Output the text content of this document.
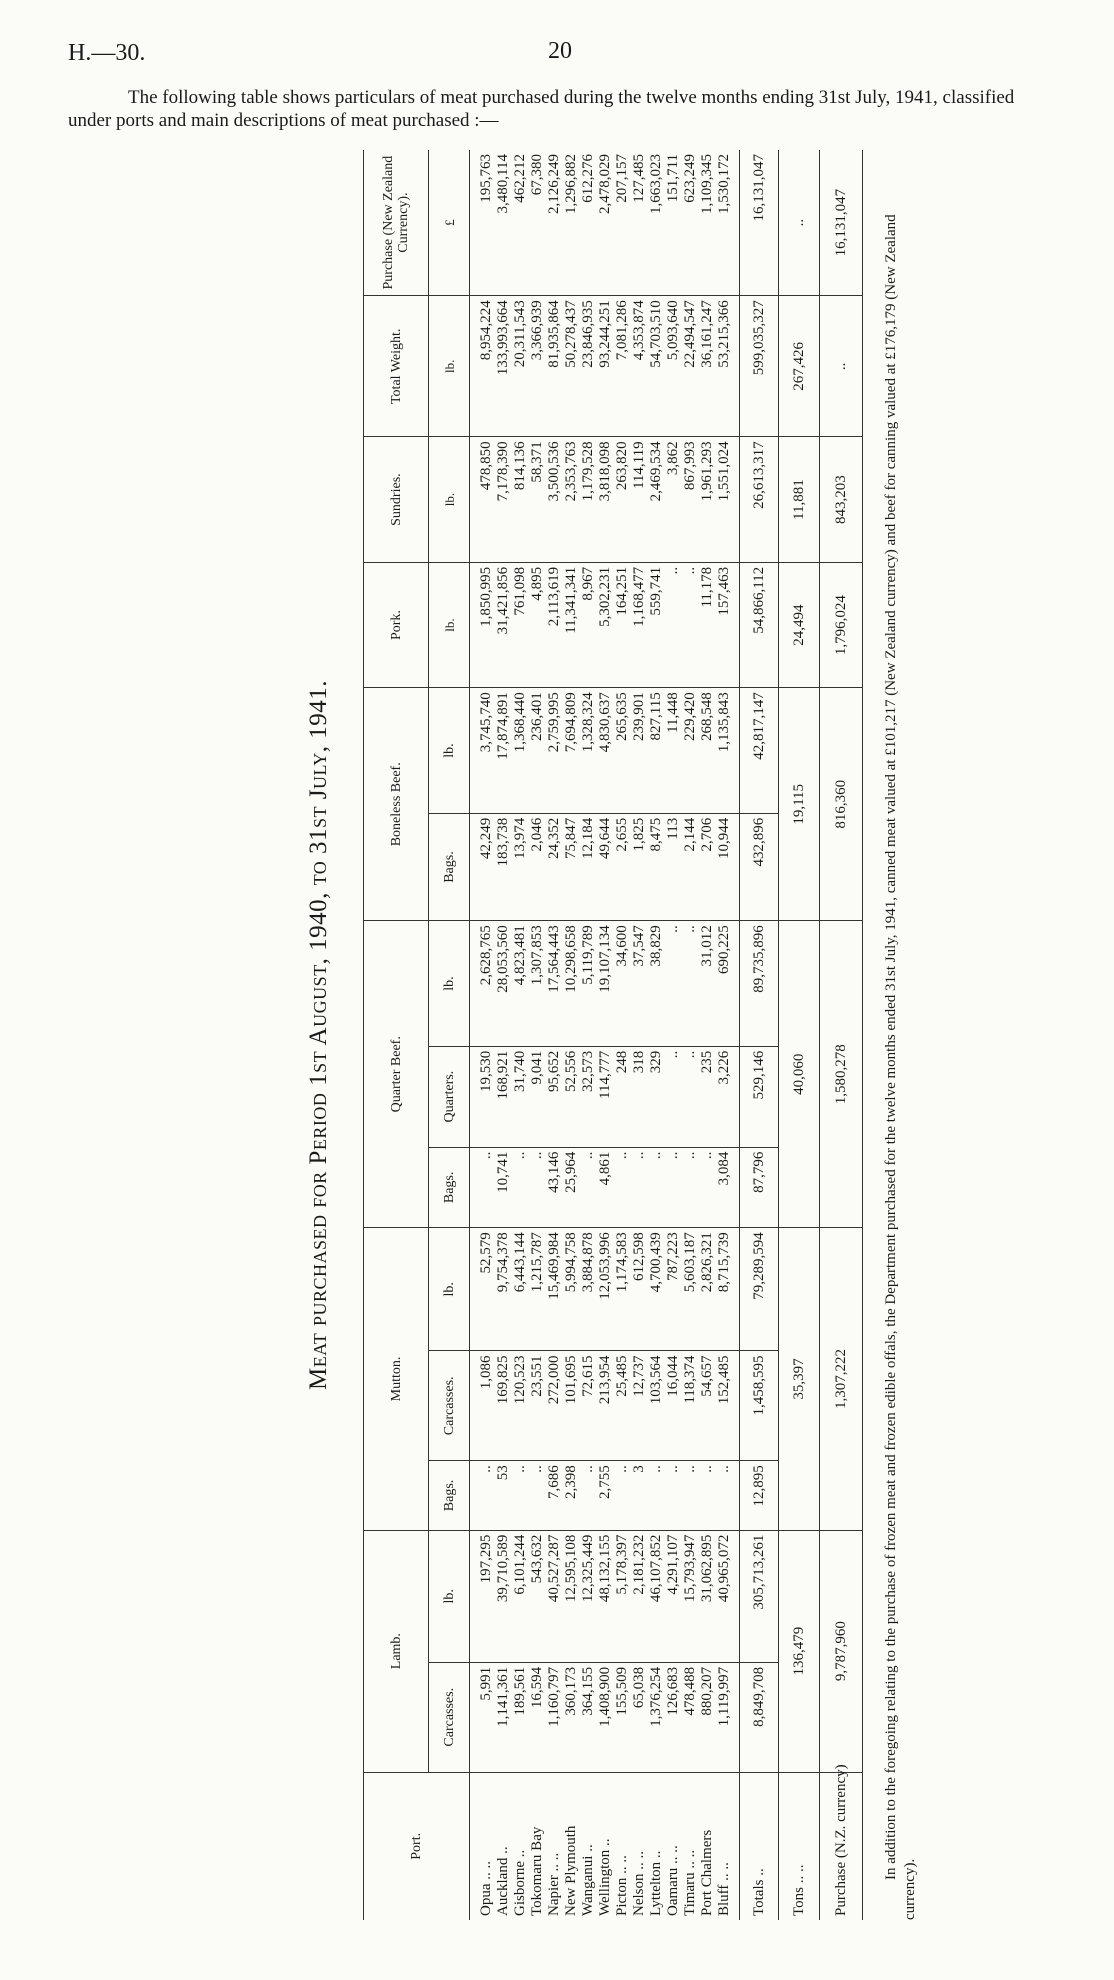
H.—30.	20
The following table shows particulars of meat purchased during the twelve months ending 31st July, 1941, classified under ports and main descriptions of meat purchased :—
Meat purchased for Period 1st August, 1940, to 31st July, 1941.
Port.	Lamb.		Mutton.			Quarter Beef.			Boneless Beef.		Pork.	Sundries.	Total Weight.	Purchase (New Zealand Currency).
	Carcasses.	lb.	Bags.	Carcasses.	lb.	Bags.	Quarters.	lb.	Bags.	lb.				
											lb.	lb.	lb.	£
Opua .. ..	5,991	197,295	..	1,086	52,579	..	19,530	2,628,765	42,249	3,745,740	1,850,995	478,850	8,954,224	195,763
Auckland ..	1,141,361	39,710,589	53	169,825	9,754,378	10,741	168,921	28,053,560	183,738	17,874,891	31,421,856	7,178,390	133,993,664	3,480,114
Gisborne ..	189,561	6,101,244	..	120,523	6,443,144	..	31,740	4,823,481	13,974	1,368,440	761,098	814,136	20,311,543	462,212
Tokomaru Bay	16,594	543,632	..	23,551	1,215,787	..	9,041	1,307,853	2,046	236,401	4,895	58,371	3,366,939	67,380
Napier .. ..	1,160,797	40,527,287	7,686	272,000	15,469,984	43,146	95,652	17,564,443	24,352	2,759,995	2,113,619	3,500,536	81,935,864	2,126,249
New Plymouth	360,173	12,595,108	2,398	101,695	5,994,758	25,964	52,556	10,298,658	75,847	7,694,809	11,341,341	2,353,763	50,278,437	1,296,882
Wanganui ..	364,155	12,325,449	..	72,615	3,884,878	..	32,573	5,119,789	12,184	1,328,324	8,967	1,179,528	23,846,935	612,276
Wellington ..	1,408,900	48,132,155	2,755	213,954	12,053,996	4,861	114,777	19,107,134	49,644	4,830,637	5,302,231	3,818,098	93,244,251	2,478,029
Picton .. ..	155,509	5,178,397	..	25,485	1,174,583	..	248	34,600	2,655	265,635	164,251	263,820	7,081,286	207,157
Nelson .. ..	65,038	2,181,232	3	12,737	612,598	..	318	37,547	1,825	239,901	1,168,477	114,119	4,353,874	127,485
Lyttelton ..	1,376,254	46,107,852	..	103,564	4,700,439	..	329	38,829	8,475	827,115	559,741	2,469,534	54,703,510	1,663,023
Oamaru .. ..	126,683	4,291,107	..	16,044	787,223	..	..	..	113	11,448	..	3,862	5,093,640	151,711
Timaru .. ..	478,488	15,793,947	..	118,374	5,603,187	..	..	..	2,144	229,420	..	867,993	22,494,547	623,249
Port Chalmers	880,207	31,062,895	..	54,657	2,826,321	..	235	31,012	2,706	268,548	11,178	1,961,293	36,161,247	1,109,345
Bluff .. ..	1,119,997	40,965,072	..	152,485	8,715,739	3,084	3,226	690,225	10,944	1,135,843	157,463	1,551,024	53,215,366	1,530,172
Totals ..	8,849,708	305,713,261	12,895	1,458,595	79,289,594	87,796	529,146	89,735,896	432,896	42,817,147	54,866,112	26,613,317	599,035,327	16,131,047
Tons .. ..	136,479		35,397			40,060			19,115		24,494	11,881	267,426	..
Purchase (N.Z. currency)	9,787,960		1,307,222			1,580,278			816,360		1,796,024	843,203	..	16,131,047 In addition to the foregoing relating to the purchase of frozen meat and frozen edible offals, the Department purchased for the twelve months ended 31st July, 1941, canned meat valued at £101,217 (New Zealand currency) and beef for canning valued at £176,179 (New Zealand currency).
